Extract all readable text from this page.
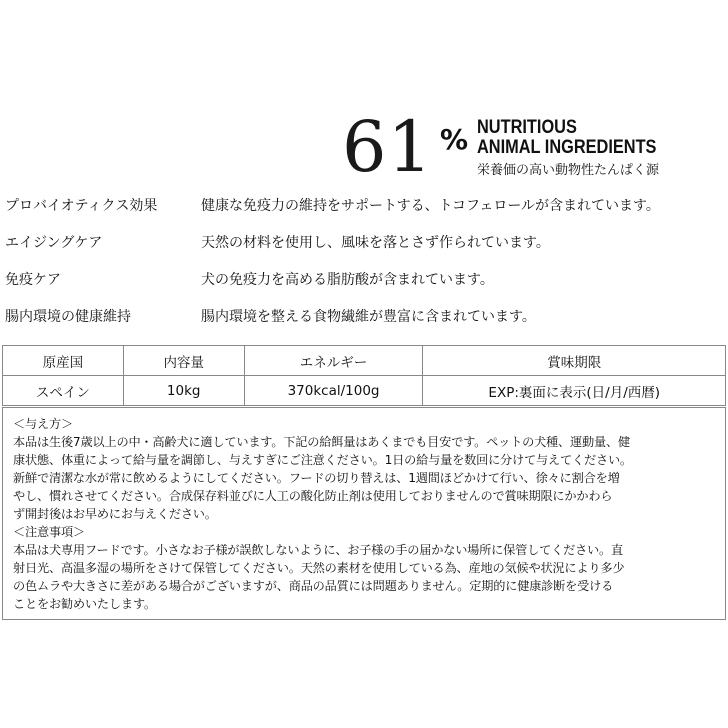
61 % NUTRITIOUS
ANIMAL INGREDIENTS
栄養価の高い動物性たんぱく源
プロバイオティクス効果	健康な免疫力の維持をサポートする、トコフェロールが含まれています。
エイジングケア	天然の材料を使用し、風味を落とさず作られています。
免疫ケア	犬の免疫力を高める脂肪酸が含まれています。
腸内環境の健康維持	腸内環境を整える食物繊維が豊富に含まれています。
原産国	内容量	エネルギー	賞味期限
スペイン	10kg	370kcal/100g	EXP:裏面に表示(日/月/西暦)
＜与え方＞
本品は生後7歳以上の中・高齢犬に適しています。下記の給餌量はあくまでも目安です。ペットの犬種、運動量、健
康状態、体重によって給与量を調節し、与えすぎにご注意ください。1日の給与量を数回に分けて与えてください。
新鮮で清潔な水が常に飲めるようにしてください。フードの切り替えは、1週間ほどかけて行い、徐々に割合を増
やし、慣れさせてください。合成保存料並びに人工の酸化防止剤は使用しておりませんので賞味期限にかかわら
ず開封後はお早めにお与えください。
＜注意事項＞
本品は犬専用フードです。小さなお子様が誤飲しないように、お子様の手の届かない場所に保管してください。直
射日光、高温多湿の場所をさけて保管してください。天然の素材を使用している為、産地の気候や状況により多少
の色ムラや大きさに差がある場合がございますが、商品の品質には問題ありません。定期的に健康診断を受ける
ことをお勧めいたします。
